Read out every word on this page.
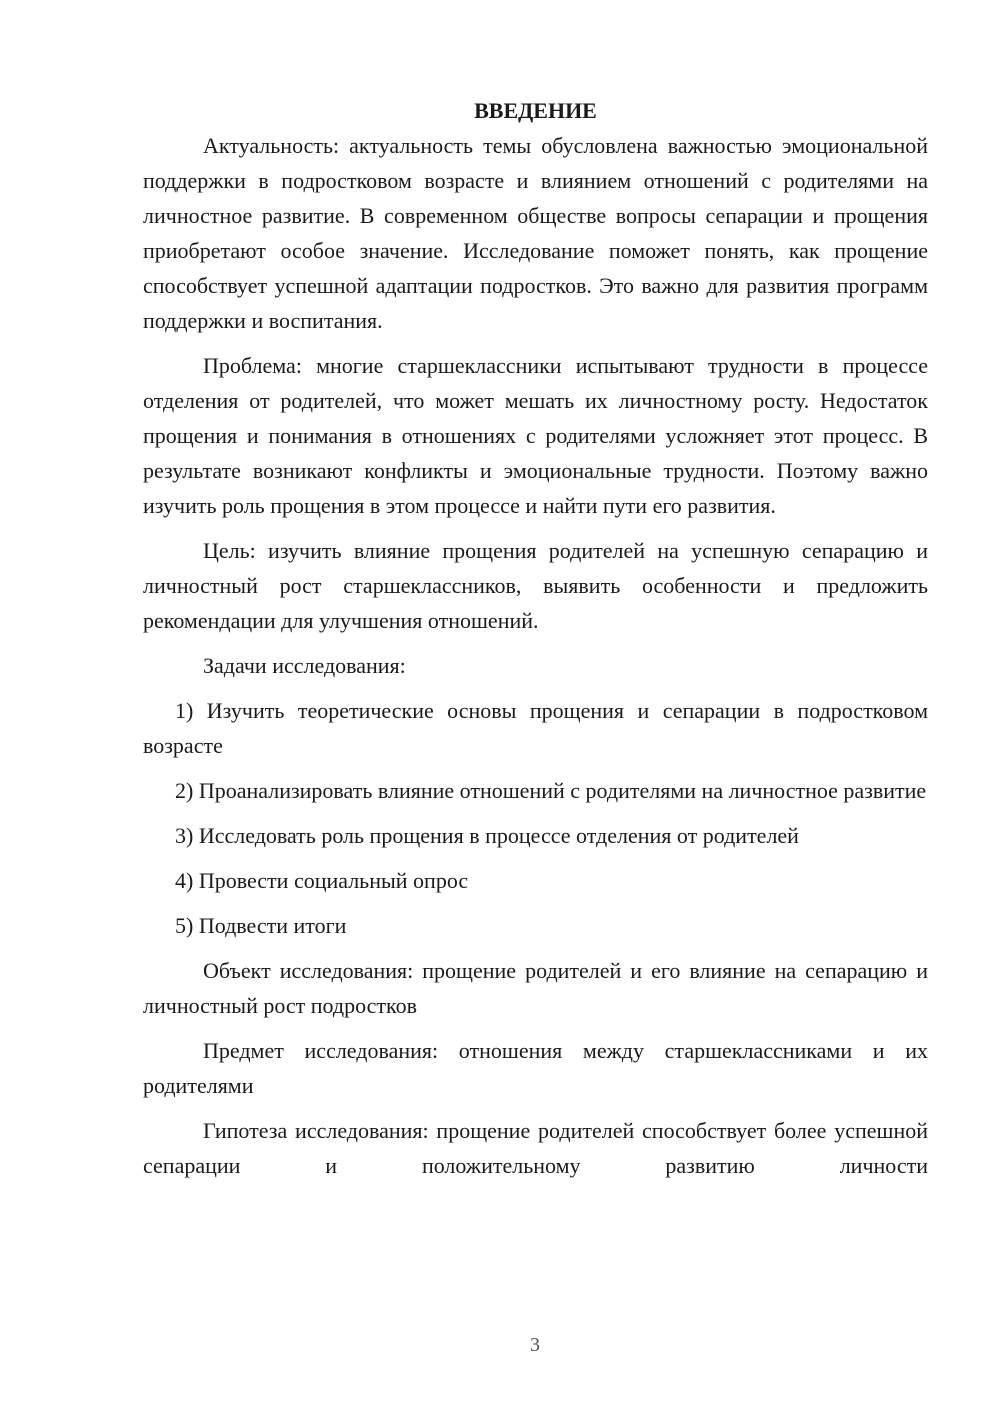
ВВЕДЕНИЕ

Актуальность: актуальность темы обусловлена важностью эмоциональной поддержки в подростковом возрасте и влиянием отношений с родителями на личностное развитие. В современном обществе вопросы сепарации и прощения приобретают особое значение. Исследование поможет понять, как прощение способствует успешной адаптации подростков. Это важно для развития программ поддержки и воспитания.

Проблема: многие старшеклассники испытывают трудности в процессе отделения от родителей, что может мешать их личностному росту. Недостаток прощения и понимания в отношениях с родителями усложняет этот процесс. В результате возникают конфликты и эмоциональные трудности. Поэтому важно изучить роль прощения в этом процессе и найти пути его развития.

Цель: изучить влияние прощения родителей на успешную сепарацию и личностный рост старшеклассников, выявить особенности и предложить рекомендации для улучшения отношений.

Задачи исследования:

1) Изучить теоретические основы прощения и сепарации в подростковом возрасте

2) Проанализировать влияние отношений с родителями на личностное развитие

3) Исследовать роль прощения в процессе отделения от родителей

4) Провести социальный опрос

5) Подвести итоги

Объект исследования: прощение родителей и его влияние на сепарацию и личностный рост подростков

Предмет исследования: отношения между старшеклассниками и их родителями

Гипотеза исследования: прощение родителей способствует более успешной сепарации и положительному развитию личности

3
